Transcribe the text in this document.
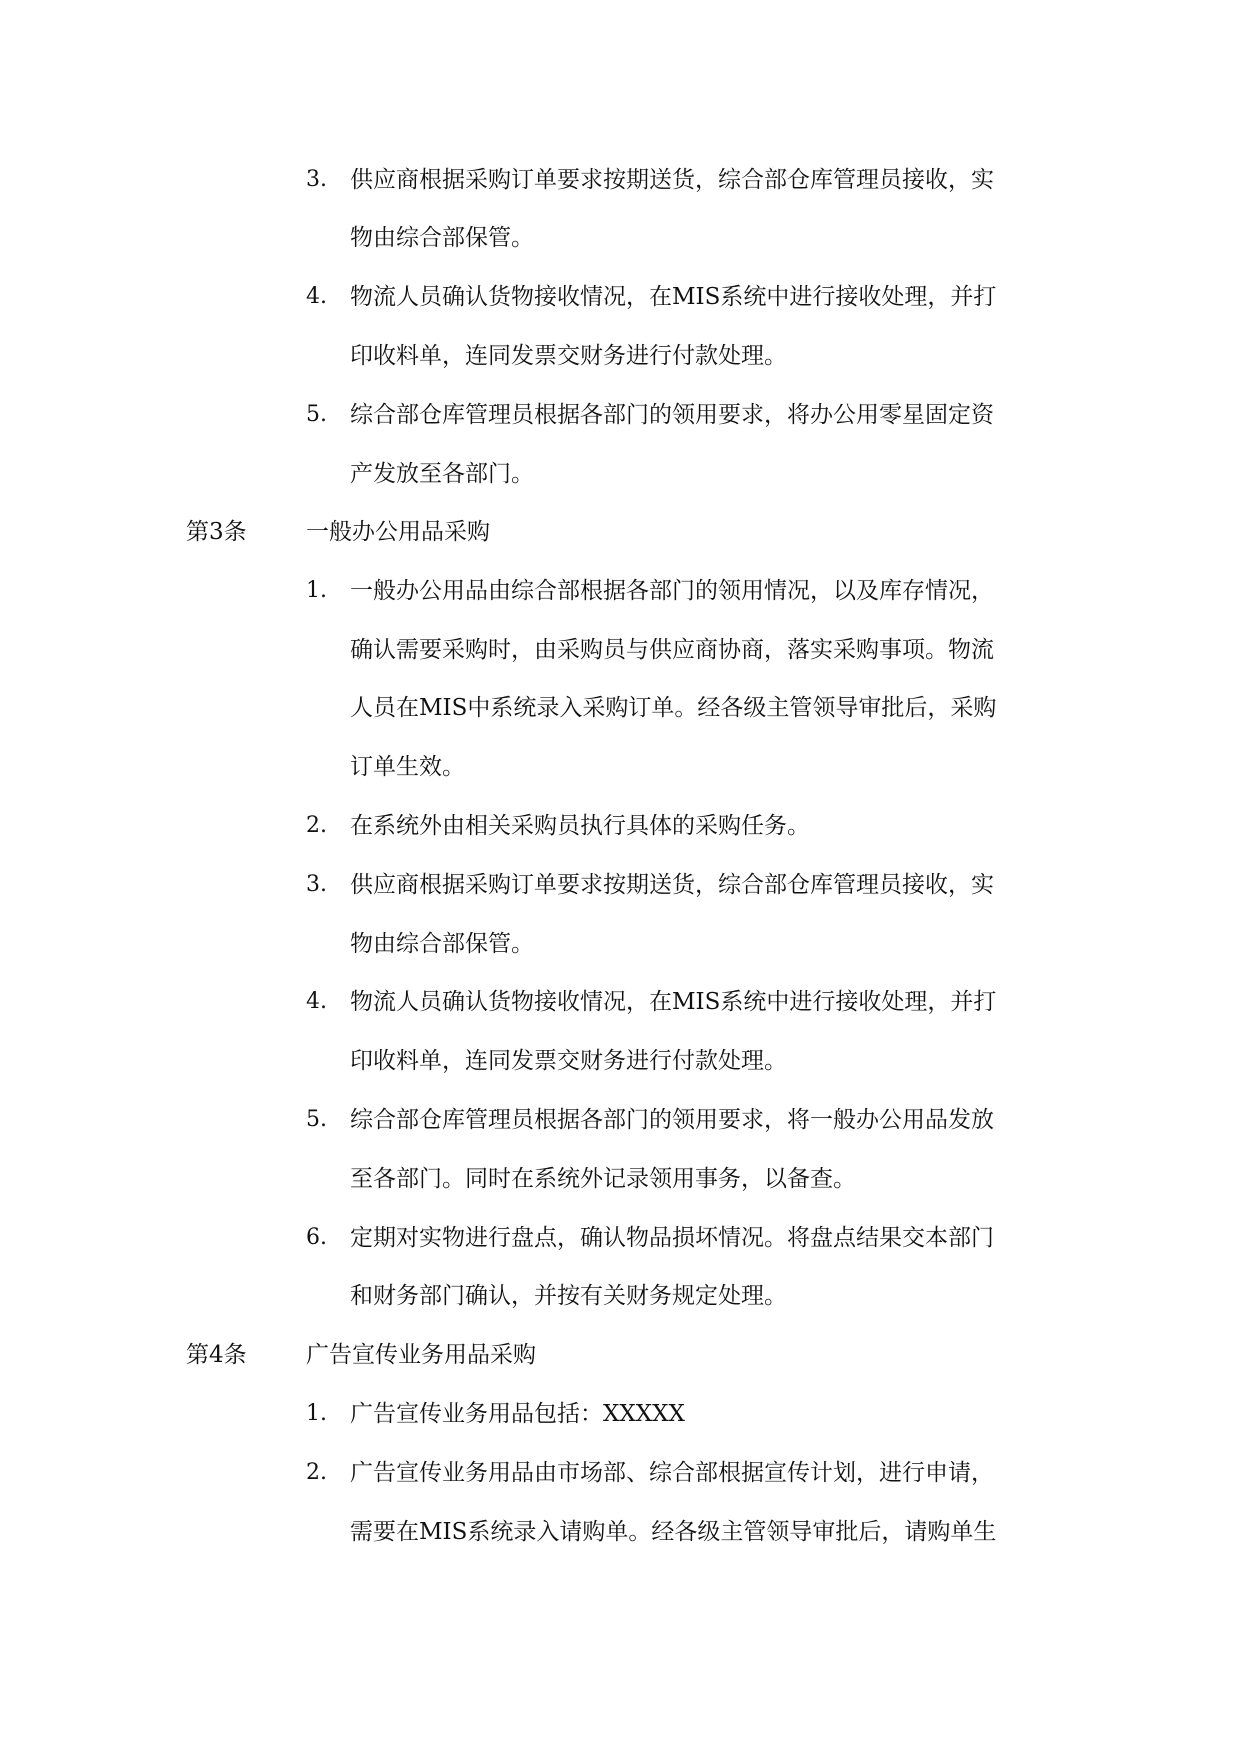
3. 供应商根据采购订单要求按期送货，综合部仓库管理员接收，实
物由综合部保管。
4. 物流人员确认货物接收情况，在MIS系统中进行接收处理，并打
印收料单，连同发票交财务进行付款处理。
5. 综合部仓库管理员根据各部门的领用要求，将办公用零星固定资
产发放至各部门。
第3条	一般办公用品采购
1. 一般办公用品由综合部根据各部门的领用情况，以及库存情况，
确认需要采购时，由采购员与供应商协商，落实采购事项。物流
人员在MIS中系统录入采购订单。经各级主管领导审批后，采购
订单生效。
2. 在系统外由相关采购员执行具体的采购任务。
3. 供应商根据采购订单要求按期送货，综合部仓库管理员接收，实
物由综合部保管。
4. 物流人员确认货物接收情况，在MIS系统中进行接收处理，并打
印收料单，连同发票交财务进行付款处理。
5. 综合部仓库管理员根据各部门的领用要求，将一般办公用品发放
至各部门。同时在系统外记录领用事务，以备查。
6. 定期对实物进行盘点，确认物品损坏情况。将盘点结果交本部门
和财务部门确认，并按有关财务规定处理。
第4条	广告宣传业务用品采购
1. 广告宣传业务用品包括：XXXXX
2. 广告宣传业务用品由市场部、综合部根据宣传计划，进行申请，
需要在MIS系统录入请购单。经各级主管领导审批后，请购单生
